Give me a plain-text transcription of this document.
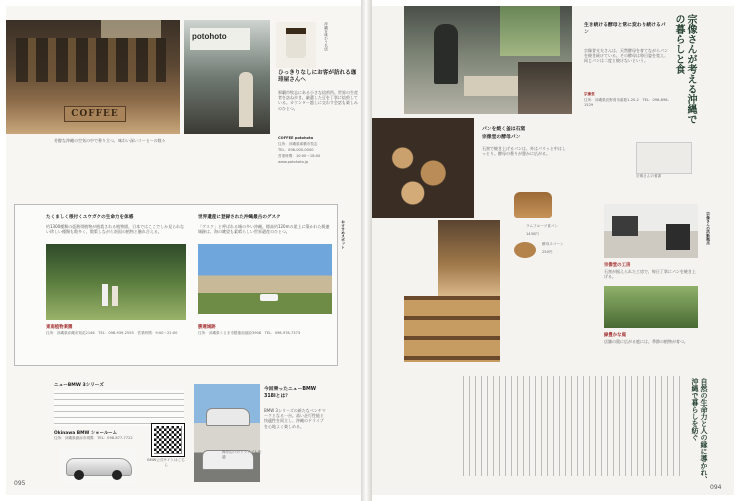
COFFEE
potohoto	沖縄を味わう名店
ひっきりなしにお客が訪れる珈琲屋さんへ
那覇市牧志にある小さな焙煎所。世界の生産者を訪ね歩き、厳選した豆を丁寧に焙煎している。カウンター越しに交わす会話も楽しみのひとつ。
COFFEE potohoto
住所：沖縄県那覇市牧志
TEL：098-000-0000
営業時間：10:00〜18:00
www.potohoto.jp
芳醇な沖縄の空気の中で香り立つ、味わい深いコーヒーの数々
おすすめスポット
たくましく根付くユウガクの生命力を体感
約1300種類の亜熱帯植物が植栽される植物園。日本ではここでしか見られない珍しい種類も数多く、散策しながら南国の植物と触れ合える。
東南植物楽園
住所：沖縄県沖縄市知花2146　TEL：098-939-2555　営業時間：9:00〜22:00
世界遺産に登録された沖縄最古のグスク
「グスク」と呼ばれる城の多い沖縄。標高約120mの崖上に築かれた勝連城跡は、海の眺望も素晴らしい世界遺産のひとつ。
勝連城跡
住所：沖縄県うるま市勝連南風原3908　TEL：098-978-7373
ニューBMW 3シリーズ
Okinawa BMW ショールーム
住所：沖縄県浦添市城間　TEL：098-877-7722
BMW公式サイトはこちら
海岸沿いのドライブも快適
今回乗ったニューBMW 318iとは？
BMW 3シリーズの新たなベンチマークとなる一台。高い走行性能と快適性を両立し、沖縄のドライブを心地よく楽しめる。
095
生き続ける酵母と常に変わり続けるパン
宗像誉支夫さんは、天然酵母を育てながらパンを焼き続けている。その酵母は毎日姿を変え、同じパンは二度と焼けないという。
宗像堂
住所：沖縄県宜野湾市嘉数1-20-2　TEL：098-898-1529	宗像さんが考える沖縄での暮らしと食
パンを焼く釜は石窯
宗像堂の酵母パン
石窯で焼き上げるパンは、外はパリッと中はしっとり。酵母の香りが豊かに広がる。
ラムフルーツ食パン
1430円
酵母スコーン
250円
宗像さんの著書
宗像さんの活動拠点
宗像堂の工房
石窯が据えられた工房で、毎日丁寧にパンを焼き上げる。
緑豊かな庭
店舗の奥に広がる庭には、季節の植物が育つ。
自然の生命力と人の縁に導かれ、沖縄で暮らしを紡ぐ
094
